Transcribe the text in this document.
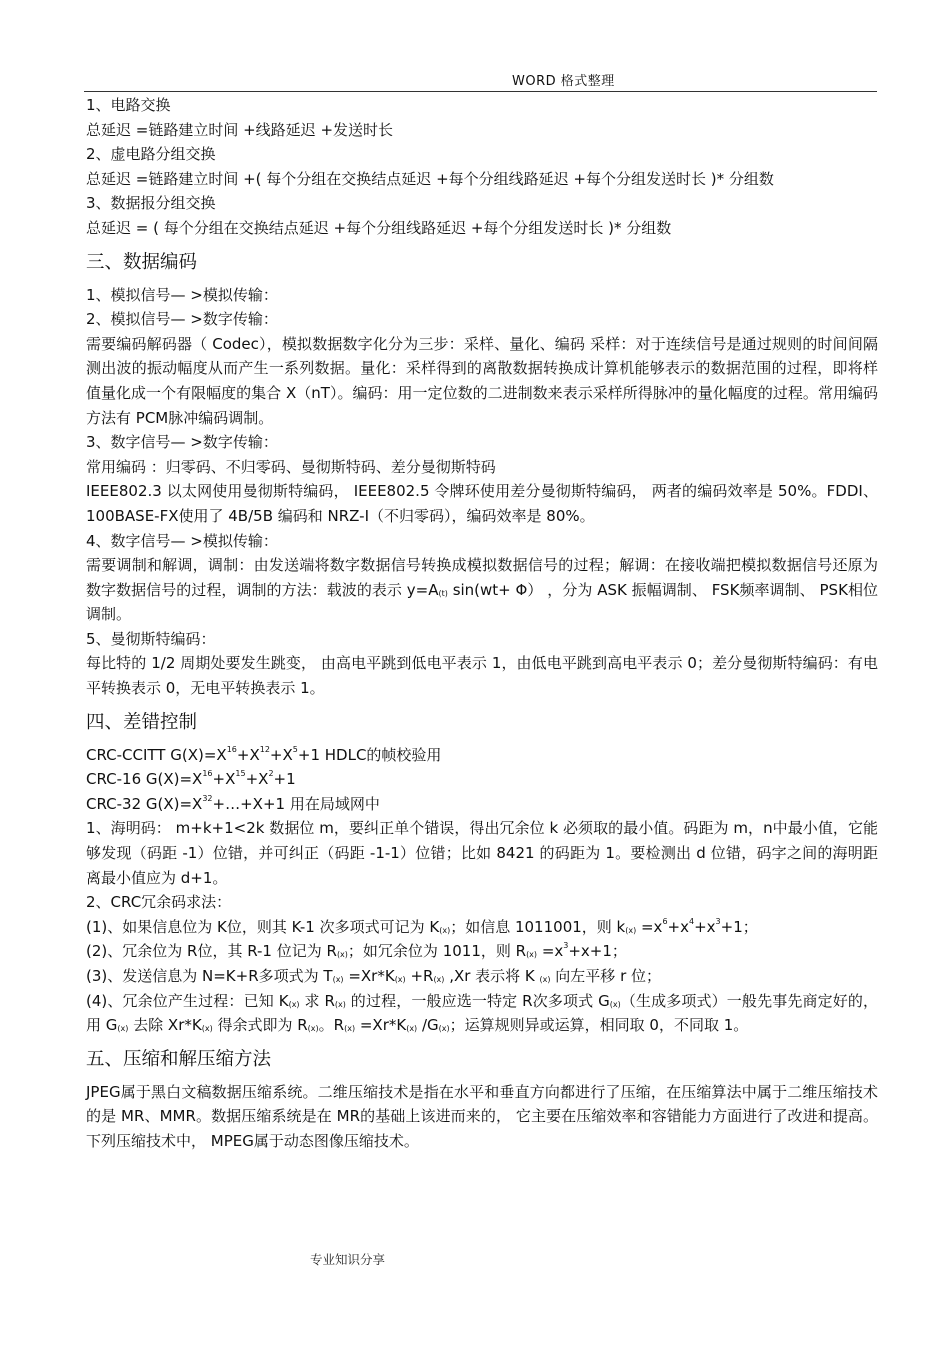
WORD 格式整理
1、电路交换
总延迟 =链路建立时间 +线路延迟 +发送时长
2、虚电路分组交换
总延迟 =链路建立时间 +( 每个分组在交换结点延迟 +每个分组线路延迟 +每个分组发送时长 )* 分组数
3、数据报分组交换
总延迟 = ( 每个分组在交换结点延迟 +每个分组线路延迟 +每个分组发送时长 )* 分组数
三、数据编码
1、模拟信号— >模拟传输：
2、模拟信号— >数字传输：
需要编码解码器（ Codec），模拟数据数字化分为三步：采样、量化、编码 采样：对于连续信号是通过规则的时间间隔测出波的振动幅度从而产生一系列数据。量化：采样得到的离散数据转换成计算机能够表示的数据范围的过程，即将样值量化成一个有限幅度的集合 X（nT）。编码：用一定位数的二进制数来表示采样所得脉冲的量化幅度的过程。常用编码方法有 PCM脉冲编码调制。
3、数字信号— >数字传输：
常用编码 ：归零码、不归零码、曼彻斯特码、差分曼彻斯特码
IEEE802.3 以太网使用曼彻斯特编码， IEEE802.5 令牌环使用差分曼彻斯特编码， 两者的编码效率是 50%。FDDI、100BASE-FX使用了 4B/5B 编码和 NRZ-I（不归零码），编码效率是 80%。
4、数字信号— >模拟传输：
需要调制和解调，调制：由发送端将数字数据信号转换成模拟数据信号的过程；解调：在接收端把模拟数据信号还原为数字数据信号的过程，调制的方法：载波的表示 $y=A_{(t)}$ sin(wt+ Φ） ，分为 ASK 振幅调制、 FSK频率调制、 PSK相位调制。
5、曼彻斯特编码：
每比特的 1/2 周期处要发生跳变， 由高电平跳到低电平表示 1，由低电平跳到高电平表示 0；差分曼彻斯特编码：有电平转换表示 0，无电平转换表示 1。
四、差错控制
CRC-CCITT $G(X)=X^{16}+X^{12}+X^5+1$ HDLC的帧校验用
CRC-16 $G(X)=X^{16}+X^{15}+X^2+1$
CRC-32 $G(X)=X^{32}+\dots+X+1$ 用在局域网中
1、海明码： m+k+1<2k 数据位 m，要纠正单个错误，得出冗余位 k 必须取的最小值。码距为 m，n中最小值，它能够发现（码距 -1）位错，并可纠正（码距 -1-1）位错；比如 8421 的码距为 1。要检测出 d 位错，码字之间的海明距离最小值应为 d+1。
2、CRC冗余码求法：
(1)、如果信息位为 K位，则其 K-1 次多项式可记为 $K_{(x)}$；如信息 1011001，则 $k_{(x)} =x^6+x^4+x^3+1$；
(2)、冗余位为 R位，其 R-1 位记为 $R_{(x)}$；如冗余位为 1011，则 $R_{(x)} =x^3+x+1$；
(3)、发送信息为 N=K+R多项式为 $T_{(x)} =Xr*K_{(x)} +R_{(x)}$ ,Xr 表示将 K $_{(x)}$ 向左平移 r 位；
(4)、冗余位产生过程：已知 $K_{(x)}$ 求 $R_{(x)}$ 的过程，一般应选一特定 R次多项式 $G_{(x)}$（生成多项式）一般先事先商定好的，用 $G_{(x)}$ 去除 $Xr*K_{(x)}$ 得余式即为 $R_{(x)}$。$R_{(x)} =Xr*K_{(x)}$ $/G_{(x)}$；运算规则异或运算，相同取 0，不同取 1。
五、压缩和解压缩方法
JPEG属于黑白文稿数据压缩系统。二维压缩技术是指在水平和垂直方向都进行了压缩，在压缩算法中属于二维压缩技术的是 MR、MMR。数据压缩系统是在 MR的基础上该进而来的， 它主要在压缩效率和容错能力方面进行了改进和提高。下列压缩技术中， MPEG属于动态图像压缩技术。
专业知识分享
